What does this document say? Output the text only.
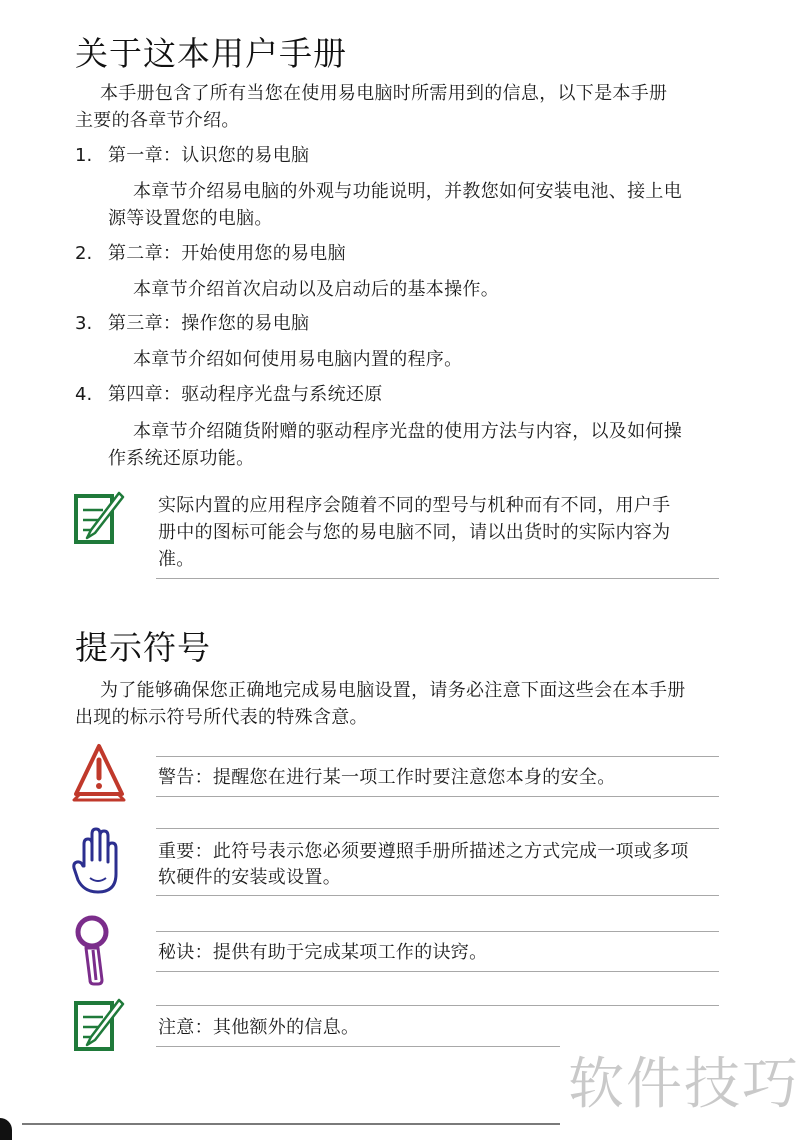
关于这本用户手册

本手册包含了所有当您在使用易电脑时所需用到的信息，以下是本手册

主要的各章节介绍。

1. 第一章：认识您的易电脑

本章节介绍易电脑的外观与功能说明，并教您如何安装电池、接上电

源等设置您的电脑。

2. 第二章：开始使用您的易电脑

本章节介绍首次启动以及启动后的基本操作。

3. 第三章：操作您的易电脑

本章节介绍如何使用易电脑内置的程序。

4. 第四章：驱动程序光盘与系统还原

本章节介绍随货附赠的驱动程序光盘的使用方法与内容，以及如何操

作系统还原功能。

实际内置的应用程序会随着不同的型号与机种而有不同，用户手

册中的图标可能会与您的易电脑不同，请以出货时的实际内容为

准。

提示符号

为了能够确保您正确地完成易电脑设置，请务必注意下面这些会在本手册

出现的标示符号所代表的特殊含意。

警告：提醒您在进行某一项工作时要注意您本身的安全。

重要：此符号表示您必须要遵照手册所描述之方式完成一项或多项

软硬件的安装或设置。

秘诀：提供有助于完成某项工作的诀窍。

注意：其他额外的信息。

软件技巧
